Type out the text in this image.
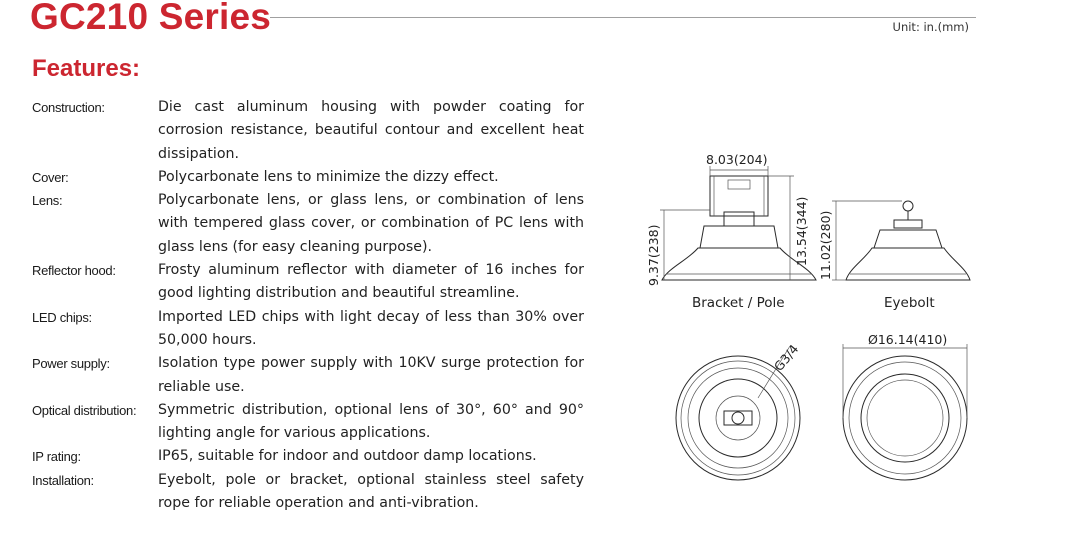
GC210 Series	Unit: in.(mm)
Features:
Construction:	Die cast aluminum housing with powder coating for corrosion resistance, beautiful contour and excellent heat dissipation.
Cover:	Polycarbonate lens to minimize the dizzy effect.
Lens:	Polycarbonate lens, or glass lens, or combination of lens with tempered glass cover, or combination of PC lens with glass lens (for easy cleaning purpose).
Reflector hood:	Frosty aluminum reflector with diameter of 16 inches for good lighting distribution and beautiful streamline.
LED chips:	Imported LED chips with light decay of less than 30% over 50,000 hours.
Power supply:	Isolation type power supply with 10KV surge protection for reliable use.
Optical distribution:	Symmetric distribution, optional lens of 30°, 60° and 90° lighting angle for various applications.
IP rating:	IP65, suitable for indoor and outdoor damp locations.
Installation:	Eyebolt, pole or bracket, optional stainless steel safety rope for reliable operation and anti-vibration.
8.03(204)
9.37(238)	13.54(344)
Bracket / Pole
11.02(280)
Eyebolt
G3/4
Ø16.14(410)
